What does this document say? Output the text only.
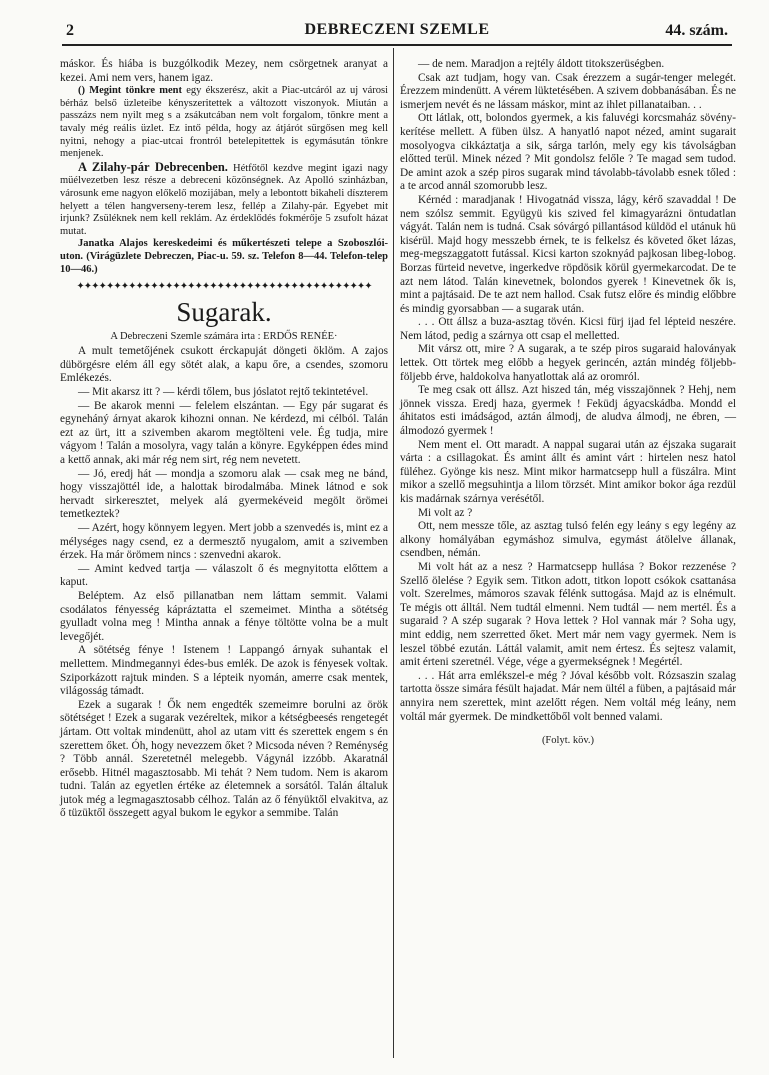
2	DEBRECZENI SZEMLE	44. szám.

máskor. És hiába is buzgólkodik Mezey, nem csörgetnek aranyat a kezei. Ami nem vers, hanem igaz.

() Megint tönkre ment egy ékszerész, akit a Piac-utcáról az uj városi bérház belső üzleteibe kényszeritettek a változott viszonyok. Miután a passzázs nem nyilt meg s a zsákutcában nem volt forgalom, tönkre ment a tavaly még reális üzlet. Ez intő példa, hogy az átjárót sürgősen meg kell nyitni, nehogy a piac-utcai frontról betelepitettek is egymásután tönkre menjenek.

A Zilahy-pár Debrecenben. Hétfőtől kezdve megint igazi nagy müélvezetben lesz része a debreceni közönségnek. Az Apolló szinházban, városunk eme nagyon előkelő mozijában, mely a lebontott bikaheli díszterem helyett a télen hangverseny-terem lesz, fellép a Zilahy-pár. Egyebet mit irjunk? Zsüléknek nem kell reklám. Az érdeklődés fokmérője 5 zsufolt házat mutat.

Janatka Alajos kereskedeimi és műkertészeti telepe a Szoboszlói-uton. (Virágüzlete Debreczen, Piac-u. 59. sz. Telefon 8—44. Telefon-telep 10—46.)

✦✦✦✦✦✦✦✦✦✦✦✦✦✦✦✦✦✦✦✦✦✦✦✦✦✦✦✦✦✦✦✦✦✦✦✦✦✦✦✦
Sugarak.
A Debreczeni Szemle számára irta : ERDŐS RENÉE·

A mult temetőjének csukott érckapuját döngeti öklöm. A zajos dübörgésre elém áll egy sötét alak, a kapu őre, a csendes, szomoru Emlékezés.

— Mit akarsz itt ? — kérdi tőlem, bus jóslatot rejtő tekintetével.

— Be akarok menni — felelem elszántan. — Egy pár sugarat és egyneháný árnyat akarok kihozni onnan. Ne kérdezd, mi célból. Talán ezt az ürt, itt a szivemben akarom megtölteni vele. Ég tudja, mire vágyom ! Talán a mosolyra, vagy talán a könyre. Egyképpen édes mind a kettő annak, aki már rég nem sirt, rég nem nevetett.

— Jó, eredj hát — mondja a szomoru alak — csak meg ne bánd, hogy visszajöttél ide, a halottak birodalmába. Minek látnod e sok hervadt sirkeresztet, melyek alá gyermekéveid megölt örömei temetkeztek?

— Azért, hogy könnyem legyen. Mert jobb a szenvedés is, mint ez a mélységes nagy csend, ez a dermesztő nyugalom, amit a szivemben érzek. Ha már örömem nincs : szenvedni akarok.

— Amint kedved tartja — válaszolt ő és megnyitotta előttem a kaput.

Beléptem. Az első pillanatban nem láttam semmit. Valami csodálatos fényesség kápráztatta el szemeimet. Mintha a sötétség gyulladt volna meg ! Mintha annak a fénye töltötte volna be a mult levegőjét.

A sötétség fénye ! Istenem ! Lappangó árnyak suhantak el mellettem. Mindmegannyi édes-bus emlék. De azok is fényesek voltak. Sziporkázott rajtuk minden. S a lépteik nyomán, amerre csak mentek, világosság támadt.

Ezek a sugarak ! Ők nem engedték szemeimre borulni az örök sötétséget ! Ezek a sugarak vezéreltek, mikor a kétségbeesés rengetegét jártam. Ott voltak mindenütt, ahol az utam vitt és szerettek engem s én szerettem őket. Óh, hogy nevezzem őket ? Micsoda néven ? Reménység ? Több annál. Szeretetnél melegebb. Vágynál izzóbb. Akaratnál erősebb. Hitnél magasztosabb. Mi tehát ? Nem tudom. Nem is akarom tudni. Talán az egyetlen értéke az életemnek a sorsától. Talán általuk jutok még a legmagasztosabb célhoz. Talán az ő fényüktől elvakitva, az ő tüzüktől összegett agyal bukom le egykor a semmibe. Talán

— de nem. Maradjon a rejtély áldott titokszerüségben.

Csak azt tudjam, hogy van. Csak érezzem a sugár-tenger melegét. Érezzem mindenütt. A vérem lüktetésében. A szivem dobbanásában. És ne ismerjem nevét és ne lássam máskor, mint az ihlet pillanataiban. . .

Ott látlak, ott, bolondos gyermek, a kis faluvégi korcsmaház sövény-kerítése mellett. A füben ülsz. A hanyatló napot nézed, amint sugarait mosolyogva cikkáztatja a sik, sárga tarlón, mely egy kis távolságban előtted terül. Minek nézed ? Mit gondolsz felőle ? Te magad sem tudod. De amint azok a szép piros sugarak mind távolabb-távolabb esnek tőled : a te arcod annál szomorubb lesz.

Kérnéd : maradjanak ! Hivogatnád vissza, lágy, kérő szavaddal ! De nem szólsz semmit. Együgyü kis szived fel kimagyarázni öntudatlan vágyát. Talán nem is tudná. Csak sóvárgó pillantásod küldöd el utánuk hü kisérül. Majd hogy messzebb érnek, te is felkelsz és követed őket lázas, meg-megszaggatott futással. Kicsi karton szoknyád pajkosan libeg-lobog. Borzas fürteid nevetve, ingerkedve röpdösik körül gyermekarcodat. De te azt nem látod. Talán kinevetnek, bolondos gyerek ! Kinevetnek ők is, mint a pajtásaid. De te azt nem hallod. Csak futsz előre és mindig előbbre és mindig gyorsabban — a sugarak után.

. . . Ott állsz a buza-asztag tövén. Kicsi fürj ijad fel lépteid neszére. Nem látod, pedig a szárnya ott csap el melletted.

Mit vársz ott, mire ? A sugarak, a te szép piros sugaraid haloványak lettek. Ott törtek meg előbb a hegyek gerincén, aztán mindég följebb-följebb érve, haldokolva hanyatlottak alá az oromról.

Te meg csak ott állsz. Azt hiszed tán, még visszajönnek ? Hehj, nem jönnek vissza. Eredj haza, gyermek ! Feküdj ágyacskádba. Mondd el áhitatos esti imádságod, aztán álmodj, de aludva álmodj, ne ébren, — álmodozó gyermek !

Nem ment el. Ott maradt. A nappal sugarai után az éjszaka sugarait várta : a csillagokat. És amint állt és amint várt : hirtelen nesz hatol füléhez. Gyönge kis nesz. Mint mikor harmatcsepp hull a füszálra. Mint mikor a szellő megsuhintja a lilom törzsét. Mint amikor bokor ága rezdül kis madárnak szárnya verésétől.

Mi volt az ?

Ott, nem messze tőle, az asztag tulsó felén egy leány s egy legény az alkony homályában egymáshoz simulva, egymást átölelve állanak, csendben, némán.

Mi volt hát az a nesz ? Harmatcsepp hullása ? Bokor rezzenése ? Szellő ölelése ? Egyik sem. Titkon adott, titkon lopott csókok csattanása volt. Szerelmes, mámoros szavak félénk suttogása. Majd az is elnémult. Te mégis ott álltál. Nem tudtál elmenni. Nem tudtál — nem mertél. És a sugaraid ? A szép sugarak ? Hova lettek ? Hol vannak már ? Soha ugy, mint eddig, nem szerretted őket. Mert már nem vagy gyermek. Nem is leszel többé ezután. Láttál valamit, amit nem értesz. És sejtesz valamit, amit érteni szeretnél. Vége, vége a gyermekségnek ! Megértél.

. . . Hát arra emlékszel-e még ? Jóval később volt. Rózsaszin szalag tartotta össze simára fésült hajadat. Már nem ültél a füben, a pajtásaid már annyira nem szerettek, mint azelőtt régen. Nem voltál még leány, nem voltál már gyermek. De mindkettőből volt benned valami.

(Folyt. köv.)
